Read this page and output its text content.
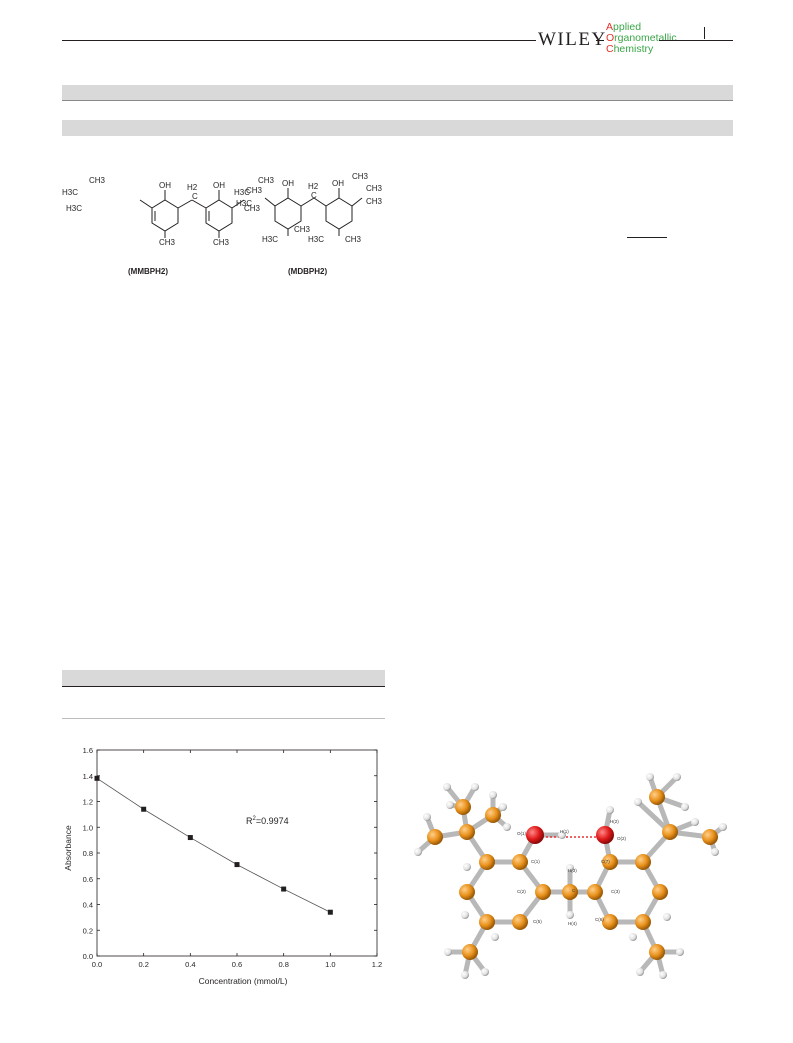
WILEY
Applied
Organometallic
Chemistry
CH3
H3C
H3C
OH H2
C
OH
CH3	CH3
CH3
CH3
(MMBPH2)
CH3
H3C
H3C
OH H2
C
OH
CH3
CH3
CH3
CH3
H3C	H3C	CH3
(MDBPH2)
0.0
0.2
0.4
0.6
0.8
1.0
1.2
1.4
1.6
0.0	0.2	0.4	0.6	0.8	1.0	1.2
Concentration (mmol/L)
Absorbance
$R^2=0.9974$
O(1)	H(1)
H(2)
O(2)
C(1)	C(7)
H(3)
C(2)	C	C(3)
C(5)	C(6)
H(4)
